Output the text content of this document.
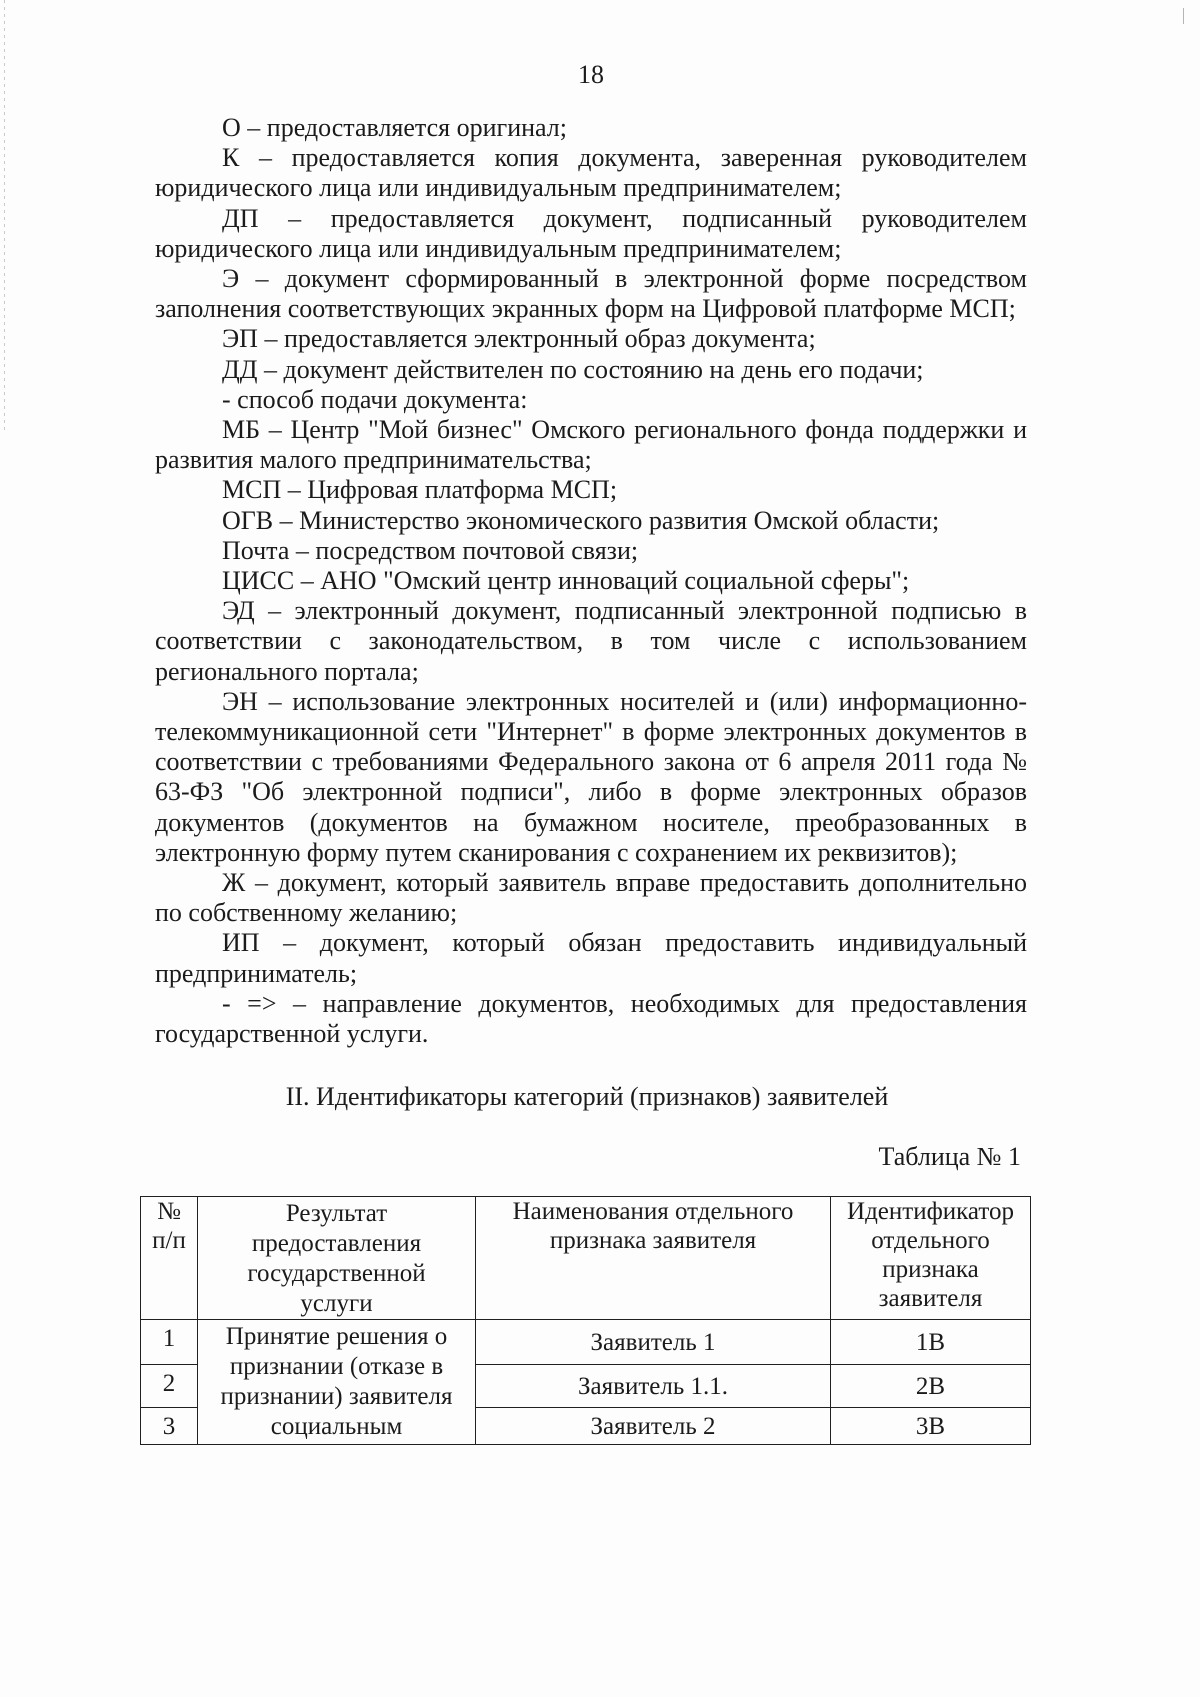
18

О – предоставляется оригинал;

К – предоставляется копия документа, заверенная руководителем юридического лица или индивидуальным предпринимателем;

ДП – предоставляется документ, подписанный руководителем юридического лица или индивидуальным предпринимателем;

Э – документ сформированный в электронной форме посредством заполнения соответствующих экранных форм на Цифровой платформе МСП;

ЭП – предоставляется электронный образ документа;

ДД – документ действителен по состоянию на день его подачи;

- способ подачи документа:

МБ – Центр "Мой бизнес" Омского регионального фонда поддержки и развития малого предпринимательства;

МСП – Цифровая платформа МСП;

ОГВ – Министерство экономического развития Омской области;

Почта – посредством почтовой связи;

ЦИСС – АНО "Омский центр инноваций социальной сферы";

ЭД – электронный документ, подписанный электронной подписью в соответствии с законодательством, в том числе с использованием регионального портала;

ЭН – использование электронных носителей и (или) информационно-телекоммуникационной сети "Интернет" в форме электронных документов в соответствии с требованиями Федерального закона от 6 апреля 2011 года № 63-ФЗ "Об электронной подписи", либо в форме электронных образов документов (документов на бумажном носителе, преобразованных в электронную форму путем сканирования с сохранением их реквизитов);

Ж – документ, который заявитель вправе предоставить дополнительно по собственному желанию;

ИП – документ, который обязан предоставить индивидуальный предприниматель;

- => – направление документов, необходимых для предоставления государственной услуги.

II. Идентификаторы категорий (признаков) заявителей
Таблица № 1
№ п/п	Результат предоставления государственной услуги	Наименования отдельного признака заявителя	Идентификатор отдельного признака заявителя
1	Принятие решения о признании (отказе в признании) заявителя социальным	Заявитель 1	1В
2		Заявитель 1.1.	2В
3		Заявитель 2	3В
